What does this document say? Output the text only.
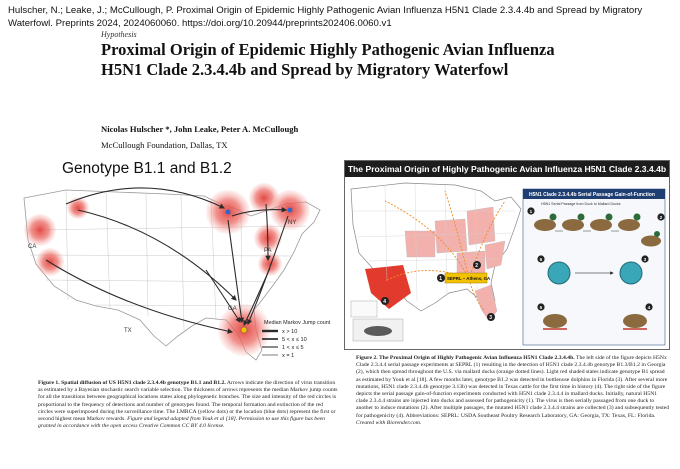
Hulscher, N.; Leake, J.; McCullough, P. Proximal Origin of Epidemic Highly Pathogenic Avian Influenza H5N1 Clade 2.3.4.4b and Spread by Migratory Waterfowl. Preprints 2024, 2024060060. https://doi.org/10.20944/preprints202406.0060.v1
Hypothesis
Proximal Origin of Epidemic Highly Pathogenic Avian Influenza H5N1 Clade 2.3.4.4b and Spread by Migratory Waterfowl
Nicolas Hulscher *, John Leake, Peter A. McCullough
McCullough Foundation, Dallas, TX
CA
TX
GA
NY
PA
Median Markov Jump count
x > 10
5 < x ≤ 10
1 < x ≤ 5
x = 1
Genotype B1.1 and B1.2
SEPRL – Athens, GA
1
2
3
4
H5N1 Clade 2.3.4.4b Serial Passage Gain-of-Function
H5N1 Serial Passage from Duck to Mallard Ducks
1
2
3
4
5
6
The Proximal Origin of Highly Pathogenic Avian Influenza H5N1 Clade 2.3.4.4b
Figure 1. Spatial diffusion of US H5N1 clade 2.3.4.4b genotype B1.1 and B1.2. Arrows indicate the direction of virus transition as estimated by a Bayesian stochastic search variable selection. The thickness of arrows represents the median Markov jump counts for all the transitions between geographical locations states along phylogenetic branches. The size and intensity of the red circles is proportional to the frequency of detections and number of genotypes found. The temporal formation and extinction of the red circles were superimposed during the surveillance time. The LMRCA (yellow dots) or the location (blue dots) represent the first or second highest mean Markov rewards. Figure and legend adapted from Youk et al [18]. Permission to use this figure has been granted in accordance with the open access Creative Common CC BY 4.0 license.
Figure 2. The Proximal Origin of Highly Pathogenic Avian Influenza H5N1 Clade 2.3.4.4b. The left side of the figure depicts H5Nx Clade 2.3.4.4 serial passage experiments at SEPRL (1) resulting in the detection of H5N1 clade 2.3.4.4b genotype B1.3/B1.2 in Georgia (2), which then spread throughout the U.S. via mallard ducks (orange dotted lines). Light red shaded states indicate genotype B1 spread as estimated by Youk et al [18]. A few months later, genotype B1.2 was detected in bottlenose dolphins in Florida (3). After several more mutations, H5N1 clade 2.3.4.4b genotype 3.13b) was detected in Texas cattle for the first time in history (4). The right side of the figure depicts the serial passage gain-of-function experiments conducted with H5N1 clade 2.3.4.4 in mallard ducks. Initially, natural H5N1 clade 2.3.4.4 strains are injected into ducks and assessed for pathogenicity (1). The virus is then serially passaged from one duck to another to induce mutations (2). After multiple passages, the mutated H5N1 clade 2.3.4.4 strains are collected (3) and subsequently tested for pathogenicity (4). Abbreviations: SEPRL: USDA Southeast Poultry Research Laboratory, GA: Georgia, TX: Texas, FL: Florida. Created with Biorender.com.
